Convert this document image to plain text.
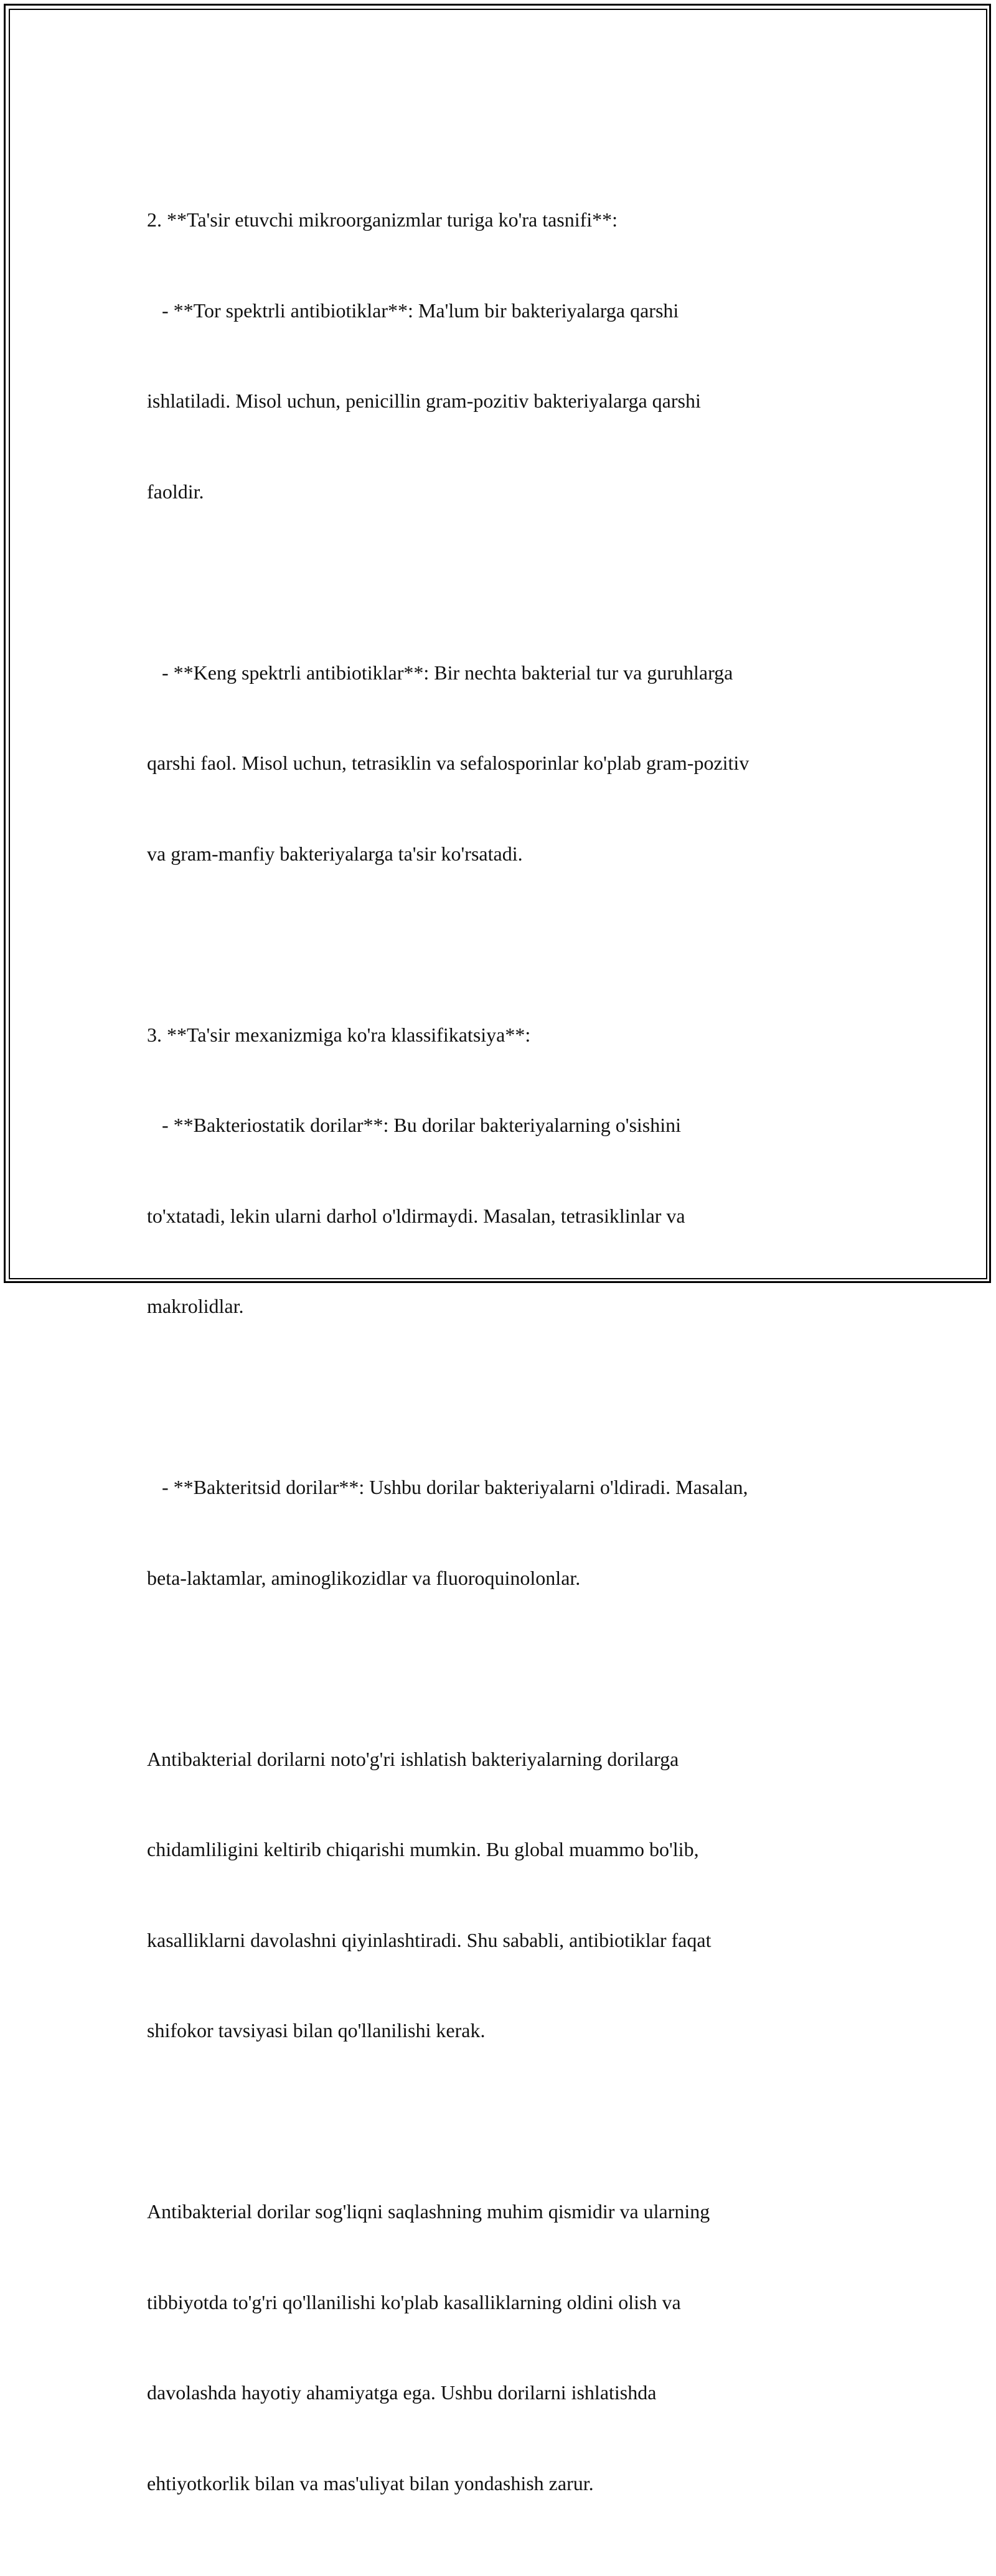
2. **Ta'sir etuvchi mikroorganizmlar turiga ko'ra tasnifi**:

- **Tor spektrli antibiotiklar**: Ma'lum bir bakteriyalarga qarshi

ishlatiladi. Misol uchun, penicillin gram-pozitiv bakteriyalarga qarshi

faoldir.

- **Keng spektrli antibiotiklar**: Bir nechta bakterial tur va guruhlarga

qarshi faol. Misol uchun, tetrasiklin va sefalosporinlar ko'plab gram-pozitiv

va gram-manfiy bakteriyalarga ta'sir ko'rsatadi.

3. **Ta'sir mexanizmiga ko'ra klassifikatsiya**:

- **Bakteriostatik dorilar**: Bu dorilar bakteriyalarning o'sishini

to'xtatadi, lekin ularni darhol o'ldirmaydi. Masalan, tetrasiklinlar va

makrolidlar.

- **Bakteritsid dorilar**: Ushbu dorilar bakteriyalarni o'ldiradi. Masalan,

beta-laktamlar, aminoglikozidlar va fluoroquinolonlar.

Antibakterial dorilarni noto'g'ri ishlatish bakteriyalarning dorilarga

chidamliligini keltirib chiqarishi mumkin. Bu global muammo bo'lib,

kasalliklarni davolashni qiyinlashtiradi. Shu sababli, antibiotiklar faqat

shifokor tavsiyasi bilan qo'llanilishi kerak.

Antibakterial dorilar sog'liqni saqlashning muhim qismidir va ularning

tibbiyotda to'g'ri qo'llanilishi ko'plab kasalliklarning oldini olish va

davolashda hayotiy ahamiyatga ega. Ushbu dorilarni ishlatishda

ehtiyotkorlik bilan va mas'uliyat bilan yondashish zarur.
